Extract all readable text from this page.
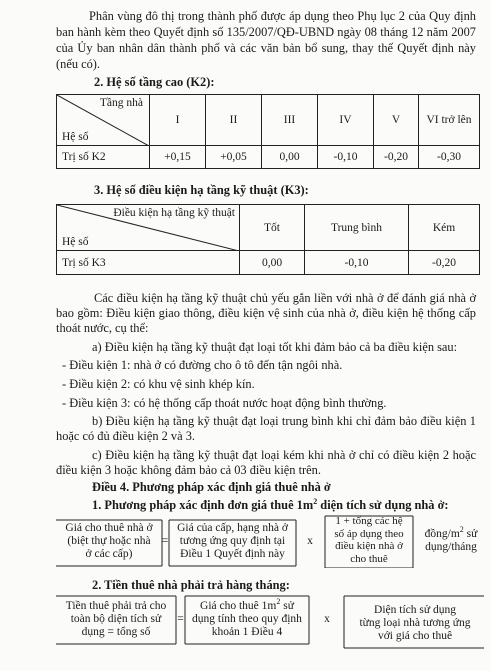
Phân vùng đô thị trong thành phố được áp dụng theo Phụ lục 2 của Quy định ban hành kèm theo Quyết định số 135/2007/QĐ-UBND ngày 08 tháng 12 năm 2007 của Ủy ban nhân dân thành phố và các văn bản bổ sung, thay thế Quyết định này (nếu có).
2. Hệ số tầng cao (K2):
Tầng nhà
Hệ số	I	II	III	IV	V	VI trở lên
Trị số K2	+0,15	+0,05	0,00	-0,10	-0,20	-0,30
3. Hệ số điều kiện hạ tầng kỹ thuật (K3):
Điều kiện hạ tầng kỹ thuật
Hệ số	Tốt	Trung bình	Kém
Trị số K3	0,00	-0,10	-0,20
Các điều kiện hạ tầng kỹ thuật chủ yếu gắn liền với nhà ở để đánh giá nhà ở bao gồm: Điều kiện giao thông, điều kiện vệ sinh của nhà ở, điều kiện hệ thống cấp thoát nước, cụ thể:
a) Điều kiện hạ tầng kỹ thuật đạt loại tốt khi đảm bảo cả ba điều kiện sau:
- Điều kiện 1: nhà ở có đường cho ô tô đến tận ngôi nhà.
- Điều kiện 2: có khu vệ sinh khép kín.
- Điều kiện 3: có hệ thống cấp thoát nước hoạt động bình thường.
b) Điều kiện hạ tầng kỹ thuật đạt loại trung bình khi chỉ đảm bảo điều kiện 1 hoặc có đủ điều kiện 2 và 3.
c) Điều kiện hạ tầng kỹ thuật đạt loại kém khi nhà ở chỉ có điều kiện 2 hoặc điều kiện 3 hoặc không đảm bảo cả 03 điều kiện trên.
Điều 4. Phương pháp xác định giá thuê nhà ở
1. Phương pháp xác định đơn giá thuê $1m^2$ diện tích sử dụng nhà ở:
Giá cho thuê nhà ở
(biệt thự hoặc nhà
ở các cấp)
=
Giá của cấp, hạng nhà ở
tương ứng quy định tại
Điều 1 Quyết định này
x
1 + tổng các hệ
số áp dụng theo
điều kiện nhà ở
cho thuê
đồng/$m^2$ sử
dụng/tháng
2. Tiền thuê nhà phải trả hàng tháng:
Tiền thuê phải trả cho
toàn bộ diện tích sử
dụng = tổng số
=
Giá cho thuê $1m^2$ sử
dụng tính theo quy định
khoản 1 Điều 4
x
Diện tích sử dụng
từng loại nhà tương ứng
với giá cho thuê
